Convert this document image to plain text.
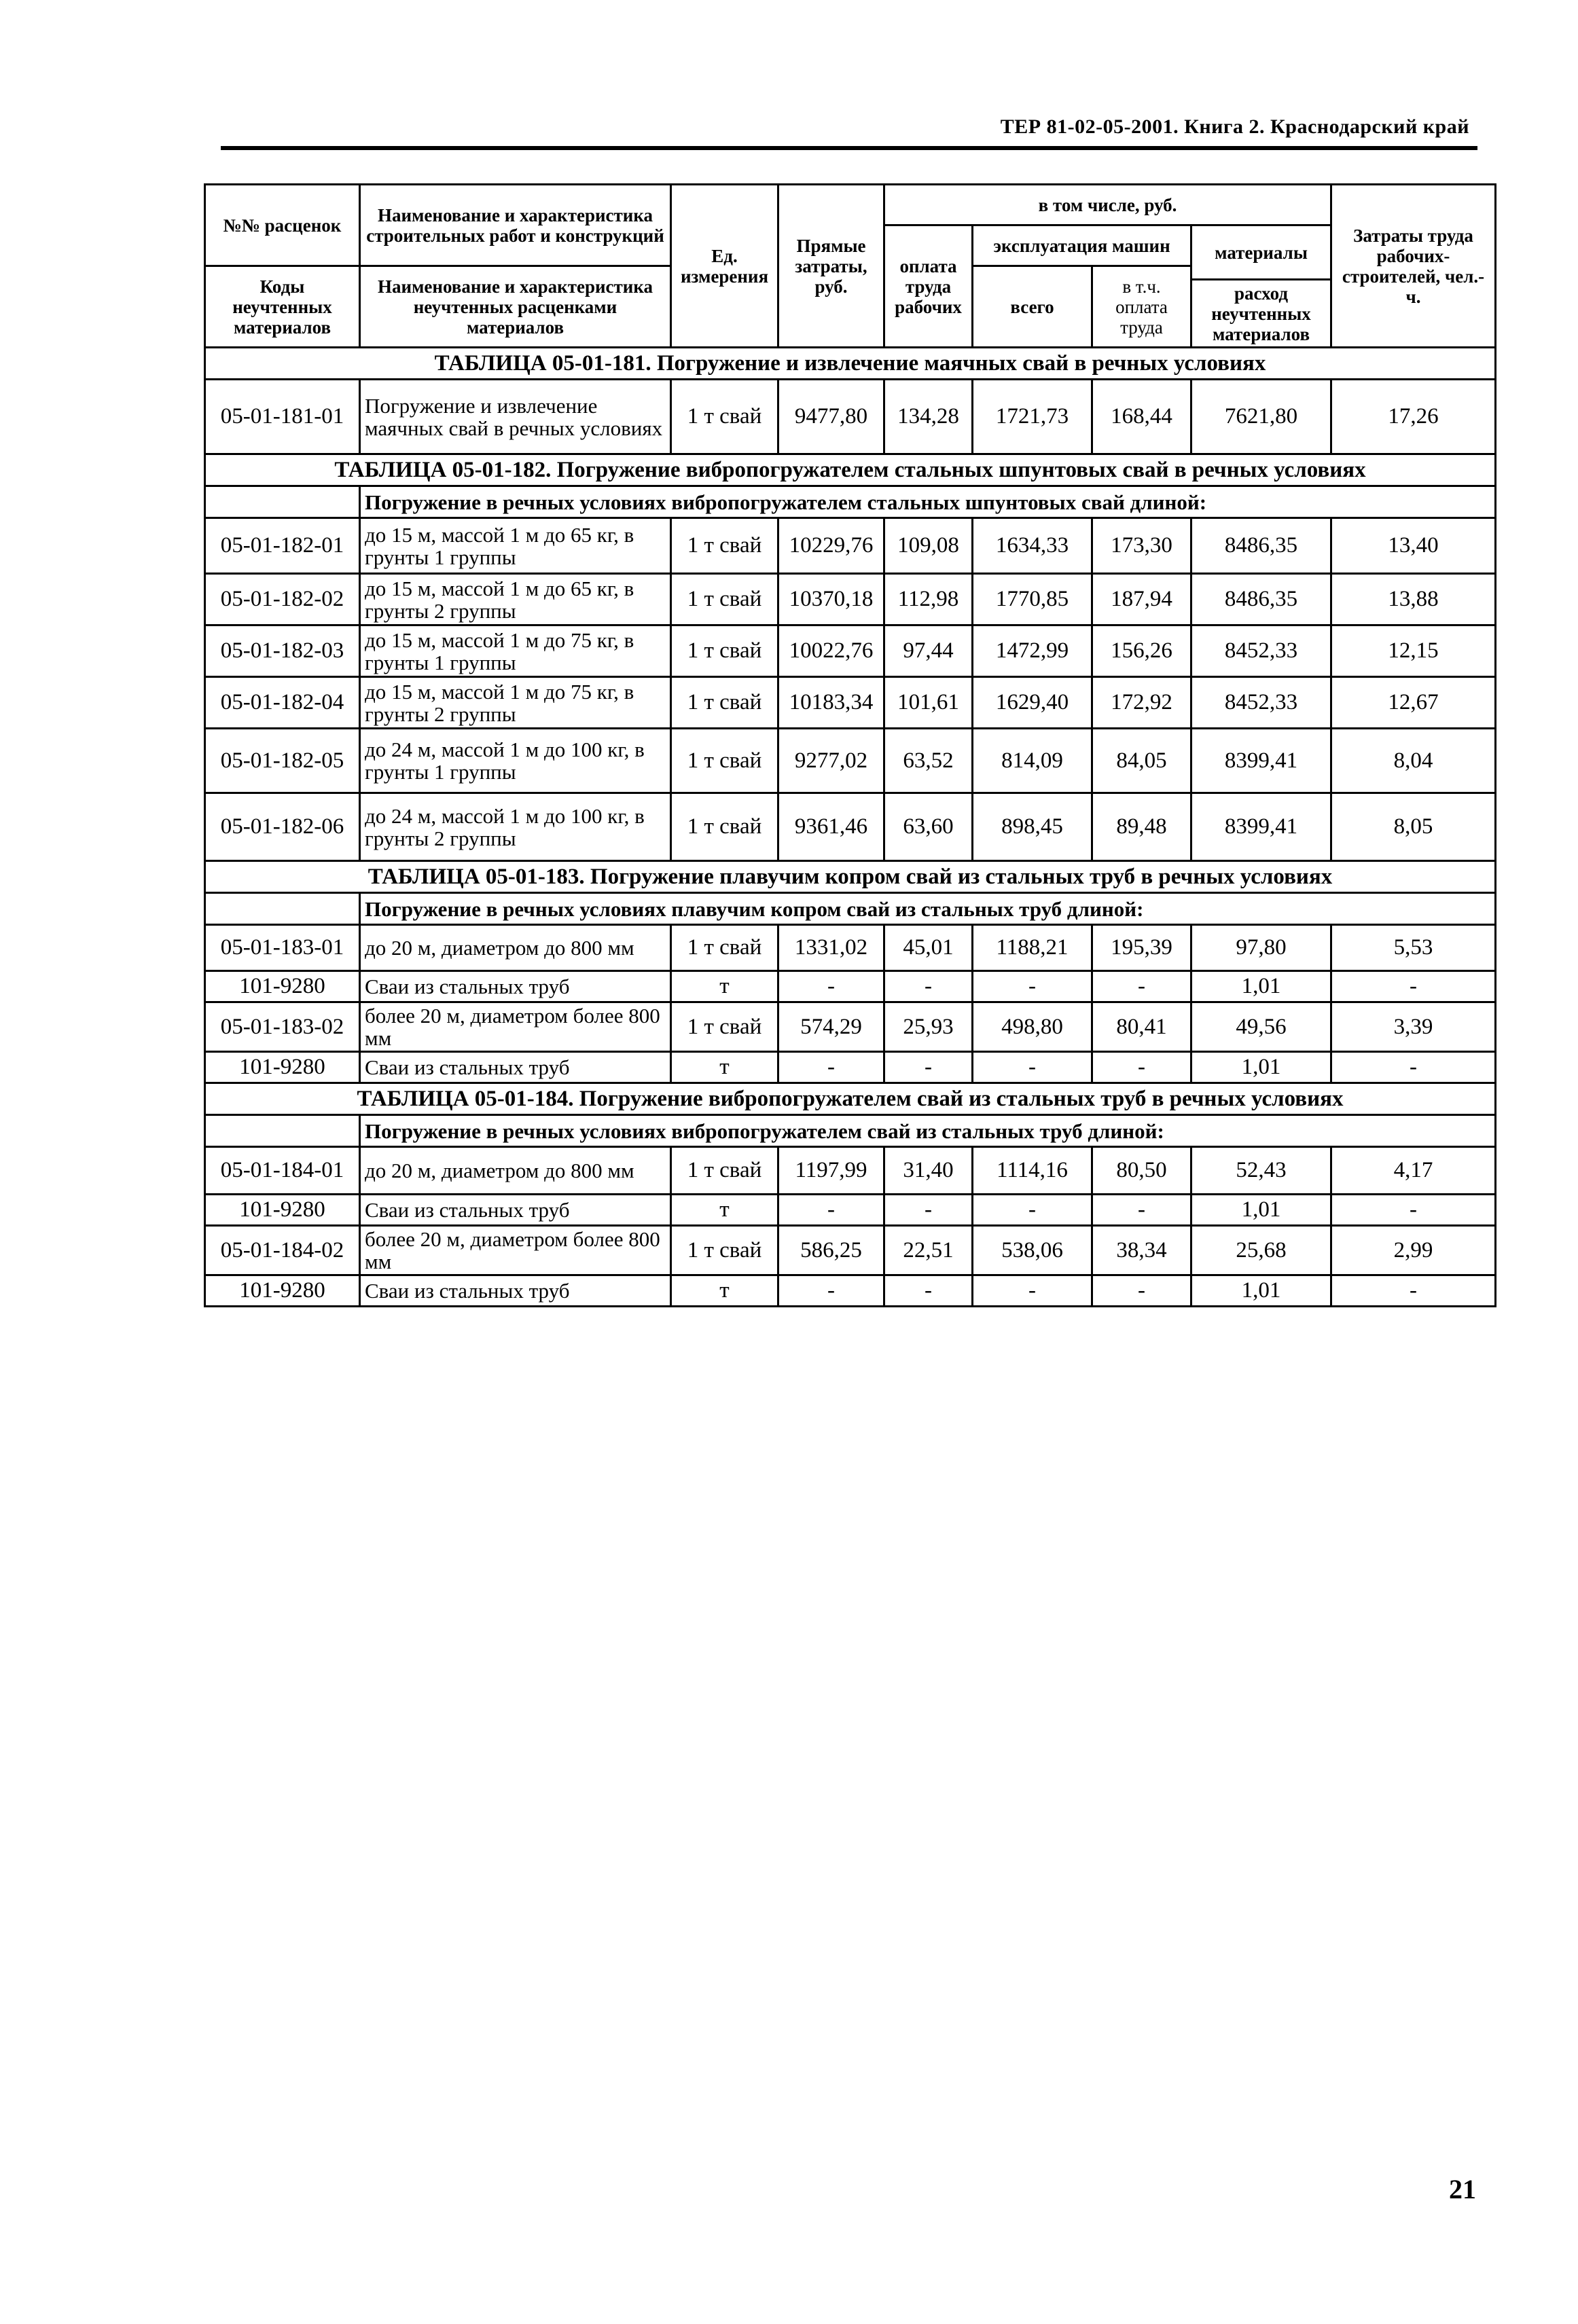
ТЕР 81-02-05-2001. Книга 2. Краснодарский край
№№ расценок	Наименование и характеристика строительных работ и конструкций	Ед. измерения	Прямые затраты, руб.	в том числе, руб.				Затраты труда рабочих-строителей, чел.-ч.
				оплата труда рабочих	эксплуатация машин		материалы	
Коды неучтенных материалов	Наименование и характеристика неучтенных расценками материалов				всего	в т.ч. оплата труда		
							расход неучтенных материалов	
ТАБЛИЦА 05-01-181. Погружение и извлечение маячных свай в речных условиях								
05-01-181-01	Погружение и извлечение маячных свай в речных условиях	1 т свай	9477,80	134,28	1721,73	168,44	7621,80	17,26
ТАБЛИЦА 05-01-182. Погружение вибропогружателем стальных шпунтовых свай в речных условиях								
	Погружение в речных условиях вибропогружателем стальных шпунтовых свай длиной:							
05-01-182-01	до 15 м, массой 1 м до 65 кг, в грунты 1 группы	1 т свай	10229,76	109,08	1634,33	173,30	8486,35	13,40
05-01-182-02	до 15 м, массой 1 м до 65 кг, в грунты 2 группы	1 т свай	10370,18	112,98	1770,85	187,94	8486,35	13,88
05-01-182-03	до 15 м, массой 1 м до 75 кг, в грунты 1 группы	1 т свай	10022,76	97,44	1472,99	156,26	8452,33	12,15
05-01-182-04	до 15 м, массой 1 м до 75 кг, в грунты 2 группы	1 т свай	10183,34	101,61	1629,40	172,92	8452,33	12,67
05-01-182-05	до 24 м, массой 1 м до 100 кг, в грунты 1 группы	1 т свай	9277,02	63,52	814,09	84,05	8399,41	8,04
05-01-182-06	до 24 м, массой 1 м до 100 кг, в грунты 2 группы	1 т свай	9361,46	63,60	898,45	89,48	8399,41	8,05
ТАБЛИЦА 05-01-183. Погружение плавучим копром свай из стальных труб в речных условиях								
	Погружение в речных условиях плавучим копром свай из стальных труб длиной:							
05-01-183-01	до 20 м, диаметром до 800 мм	1 т свай	1331,02	45,01	1188,21	195,39	97,80	5,53
101-9280	Сваи из стальных труб	т	-	-	-	-	1,01	-
05-01-183-02	более 20 м, диаметром более 800 мм	1 т свай	574,29	25,93	498,80	80,41	49,56	3,39
101-9280	Сваи из стальных труб	т	-	-	-	-	1,01	-
ТАБЛИЦА 05-01-184. Погружение вибропогружателем свай из стальных труб в речных условиях								
	Погружение в речных условиях вибропогружателем свай из стальных труб длиной:							
05-01-184-01	до 20 м, диаметром до 800 мм	1 т свай	1197,99	31,40	1114,16	80,50	52,43	4,17
101-9280	Сваи из стальных труб	т	-	-	-	-	1,01	-
05-01-184-02	более 20 м, диаметром более 800 мм	1 т свай	586,25	22,51	538,06	38,34	25,68	2,99
101-9280	Сваи из стальных труб	т	-	-	-	-	1,01	-
21
